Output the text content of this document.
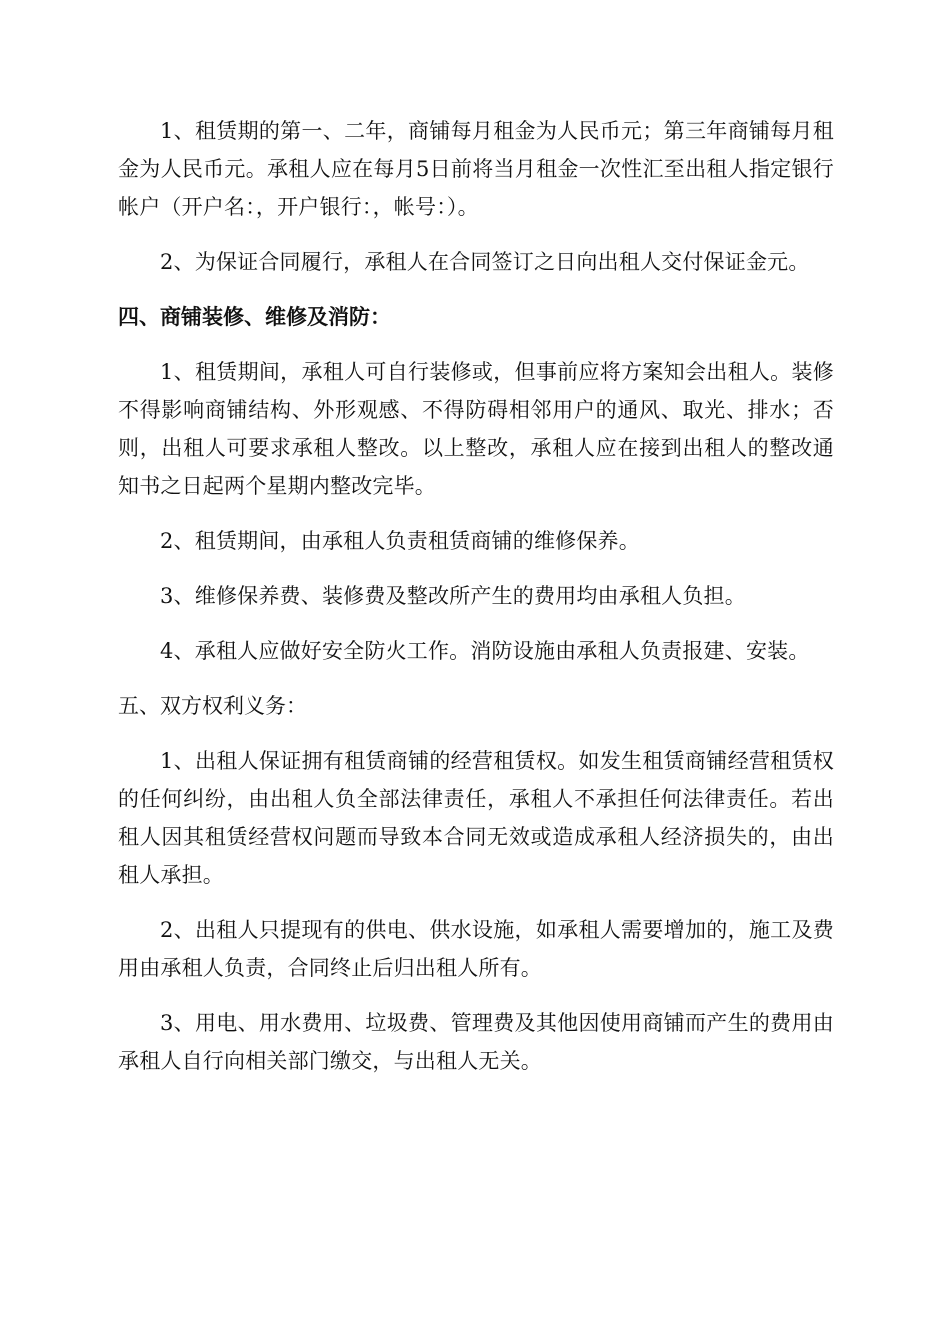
1、租赁期的第一、二年，商铺每月租金为人民币元；第三年商铺每月租金为人民币元。承租人应在每月5日前将当月租金一次性汇至出租人指定银行帐户（开户名：，开户银行：，帐号：）。

2、为保证合同履行，承租人在合同签订之日向出租人交付保证金元。

四、商铺装修、维修及消防：

1、租赁期间，承租人可自行装修或，但事前应将方案知会出租人。装修不得影响商铺结构、外形观感、不得防碍相邻用户的通风、取光、排水；否则，出租人可要求承租人整改。以上整改，承租人应在接到出租人的整改通知书之日起两个星期内整改完毕。

2、租赁期间，由承租人负责租赁商铺的维修保养。

3、维修保养费、装修费及整改所产生的费用均由承租人负担。

4、承租人应做好安全防火工作。消防设施由承租人负责报建、安装。

五、双方权利义务：

1、出租人保证拥有租赁商铺的经营租赁权。如发生租赁商铺经营租赁权的任何纠纷，由出租人负全部法律责任，承租人不承担任何法律责任。若出租人因其租赁经营权问题而导致本合同无效或造成承租人经济损失的，由出租人承担。

2、出租人只提现有的供电、供水设施，如承租人需要增加的，施工及费用由承租人负责，合同终止后归出租人所有。

3、用电、用水费用、垃圾费、管理费及其他因使用商铺而产生的费用由承租人自行向相关部门缴交，与出租人无关。
